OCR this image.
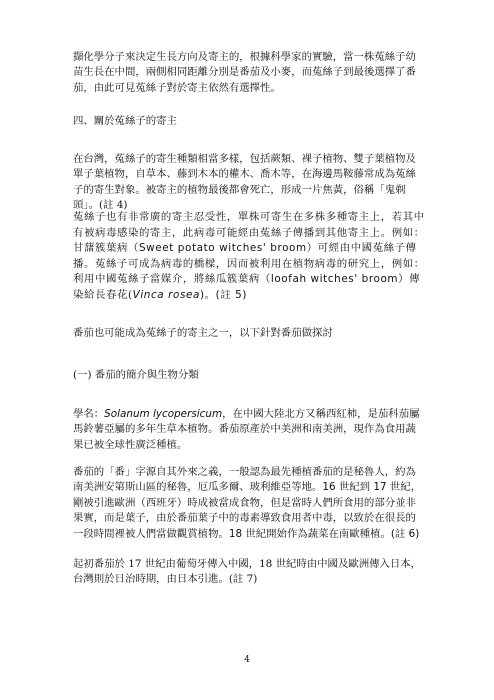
擷化學分子來決定生長方向及寄主的，根據科學家的實驗，當一株菟絲子幼苗生長在中間，兩側相同距離分別是番茄及小麥，而菟絲子到最後選擇了番茄，由此可見菟絲子對於寄主依然有選擇性。

四、關於菟絲子的寄主

在台灣，菟絲子的寄生種類相當多樣，包括蕨類、裸子植物、雙子葉植物及單子葉植物，自草本、藤到木本的權木、喬木等，在海邊馬鞍藤常成為菟絲子的寄生對象。被寄主的植物最後都會死亡，形成一片焦黃，俗稱「鬼剃頭」。(註 4)

菟絲子也有非常廣的寄主忍受性，單株可寄生在多株多種寄主上，若其中有被病毒感染的寄主，此病毒可能經由菟絲子傳播到其他寄主上。例如：甘藷簇葉病（Sweet potato witches' broom）可經由中國菟絲子傳播。菟絲子可成為病毒的橋樑，因而被利用在植物病毒的研究上，例如：利用中國菟絲子當媒介，將絲瓜簇葉病（loofah witches' broom）傳染給長春花(Vinca rosea)。(註 5)

番茄也可能成為菟絲子的寄主之一，以下針對番茄做探討

(一) 番茄的簡介與生物分類

學名：Solanum lycopersicum，在中國大陸北方又稱西紅柿，是茄科茄屬馬鈴薯亞屬的多年生草本植物。番茄原產於中美洲和南美洲，現作為食用蔬果已被全球性廣泛種植。

番茄的「番」字源自其外來之義，一般認為最先種植番茄的是秘魯人，約為南美洲安第斯山區的秘魯，厄瓜多爾、玻利維亞等地。16 世紀到 17 世紀，剛被引進歐洲（西班牙）時成被當成食物，但是當時人們所食用的部分並非果實，而是葉子，由於番茄葉子中的毒素導致食用者中毒，以致於在很長的一段時間裡被人們當做觀賞植物。18 世紀開始作為蔬菜在南歐種植。(註 6)

起初番茄於 17 世紀由葡萄牙傳入中國，18 世紀時由中國及歐洲傳入日本，台灣則於日治時期，由日本引進。(註 7)

4
